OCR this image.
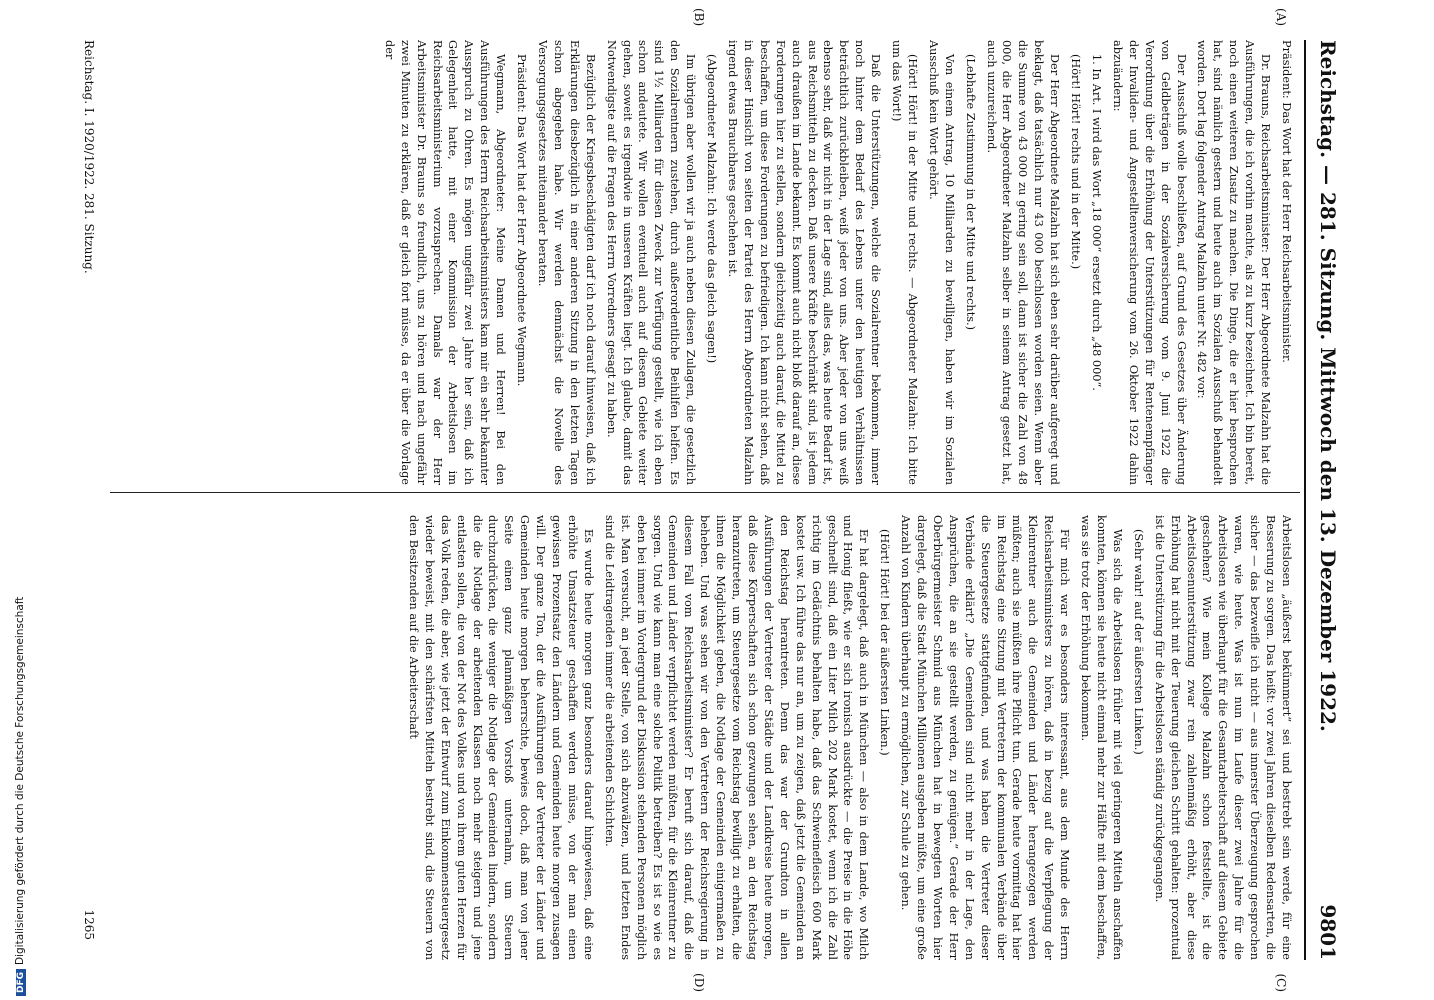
Reichstag. — 281. Sitzung. Mittwoch den 13. Dezember 1922.
9801
(A)
(B)
(C)
(D)

Präsident: Das Wort hat der Herr Reichsarbeitsminister.

Dr. Brauns, Reichsarbeitsminister: Der Herr Abgeordnete Malzahn hat die Ausführungen, die ich vorhin machte, als zu kurz bezeichnet. Ich bin bereit, noch einen weiteren Zusatz zu machen. Die Dinge, die er hier besprochen hat, sind nämlich gestern und heute auch im Sozialen Ausschuß behandelt worden. Dort lag folgender Antrag Malzahn unter Nr. 482 vor:

Der Ausschuß wolle beschließen, auf Grund des Gesetzes über Änderung von Geldbeträgen in der Sozialversicherung vom 9. Juni 1922 die Verordnung über die Erhöhung der Unterstützungen für Rentenempfänger der Invaliden- und Angestelltenversicherung vom 26. Oktober 1922 dahin abzuändern:

1. In Art. I wird das Wort „18 000“ ersetzt durch „48 000“.

(Hört! Hört! rechts und in der Mitte.)

Der Herr Abgeordnete Malzahn hat sich eben sehr darüber aufgeregt und beklagt, daß tatsächlich nur 43 000 beschlossen worden seien. Wenn aber die Summe von 43 000 zu gering sein soll, dann ist sicher die Zahl von 48 000, die Herr Abgeordneter Malzahn selber in seinem Antrag gesetzt hat, auch unzureichend.

(Lebhafte Zustimmung in der Mitte und rechts.)

Von einem Antrag, 10 Milliarden zu bewilligen, haben wir im Sozialen Ausschuß kein Wort gehört.

(Hört! Hört! in der Mitte und rechts. — Abgeordneter Malzahn: Ich bitte um das Wort!)

Daß die Unterstützungen, welche die Sozialrentner bekommen, immer noch hinter dem Bedarf des Lebens unter den heutigen Verhältnissen beträchtlich zurückbleiben, weiß jeder von uns. Aber jeder von uns weiß ebenso sehr, daß wir nicht in der Lage sind, alles das, was heute Bedarf ist, aus Reichsmitteln zu decken. Daß unsere Kräfte beschränkt sind, ist jedem auch draußen im Lande bekannt. Es kommt auch nicht bloß darauf an, diese Forderungen hier zu stellen, sondern gleichzeitig auch darauf, die Mittel zu beschaffen, um diese Forderungen zu befriedigen. Ich kann nicht sehen, daß in dieser Hinsicht von seiten der Partei des Herrn Abgeordneten Malzahn irgend etwas Brauchbares geschehen ist.

(Abgeordneter Malzahn: Ich werde das gleich sagen!)

Im übrigen aber wollen wir ja auch neben diesen Zulagen, die gesetzlich den Sozialrentnern zustehen, durch außerordentliche Beihilfen helfen. Es sind 1½ Milliarden für diesen Zweck zur Verfügung gestellt, wie ich eben schon andeutete. Wir wollen eventuell auch auf diesem Gebiete weiter gehen, soweit es irgendwie in unseren Kräften liegt. Ich glaube, damit das Notwendigste auf die Fragen des Herrn Vorredners gesagt zu haben.

Bezüglich der Kriegsbeschädigten darf ich noch darauf hinweisen, daß ich Erklärungen diesbezüglich in einer anderen Sitzung in den letzten Tagen schon abgegeben habe. Wir werden demnächst die Novelle des Versorgungsgesetzes miteinander beraten.

Präsident: Das Wort hat der Herr Abgeordnete Wegmann.

Wegmann, Abgeordneter: Meine Damen und Herren! Bei den Ausführungen des Herrn Reichsarbeitsministers kam mir ein sehr bekannter Ausspruch zu Ohren. Es mögen ungefähr zwei Jahre her sein, daß ich Gelegenheit hatte, mit einer Kommission der Arbeitslosen im Reichsarbeitsministerium vorzusprechen. Damals war der Herr Arbeitsminister Dr. Brauns so freundlich, uns zu hören und nach ungefähr zwei Minuten zu erklären, daß er gleich fort müsse, da er über die Vorlage der

Arbeitslosen „äußerst bekümmert“ sei und bestrebt sein werde, für eine Besserung zu sorgen. Das heißt: vor zwei Jahren dieselben Redensarten, die sicher — das bezweifle ich nicht — aus innerster Überzeugung gesprochen waren, wie heute. Was ist nun im Laufe dieser zwei Jahre für die Arbeitslosen wie überhaupt für die Gesamtarbeiterschaft auf diesem Gebiete geschehen? Wie mein Kollege Malzahn schon feststellte, ist die Arbeitslosenunterstützung zwar rein zahlenmäßig erhöht, aber diese Erhöhung hat nicht mit der Teuerung gleichen Schritt gehalten: prozentual ist die Unterstützung für die Arbeitslosen ständig zurückgegangen.

(Sehr wahr! auf der äußersten Linken.)

Was sich die Arbeitslosen früher mit viel geringeren Mitteln anschaffen konnten, können sie heute nicht einmal mehr zur Hälfte mit dem beschaffen, was sie trotz der Erhöhung bekommen.

Für mich war es besonders interessant, aus dem Munde des Herrn Reichsarbeitsministers zu hören, daß in bezug auf die Verpflegung der Kleinrentner auch die Gemeinden und Länder herangezogen werden müßten; auch sie müßten ihre Pflicht tun. Gerade heute vormittag hat hier im Reichstag eine Sitzung mit Vertretern der kommunalen Verbände über die Steuergesetze stattgefunden, und was haben die Vertreter dieser Verbände erklärt? „Die Gemeinden sind nicht mehr in der Lage, den Ansprüchen, die an sie gestellt werden, zu genügen.“ Gerade der Herr Oberbürgermeister Schmid aus München hat in bewegten Worten hier dargelegt, daß die Stadt München Millionen ausgeben müßte, um eine große Anzahl von Kindern überhaupt zu ermöglichen, zur Schule zu gehen.

(Hört! Hört! bei der äußersten Linken.)

Er hat dargelegt, daß auch in München — also in dem Lande, wo Milch und Honig fließt, wie er sich ironisch ausdrückte — die Preise in die Höhe geschnellt sind, daß ein Liter Milch 202 Mark kostet, wenn ich die Zahl richtig im Gedächtnis behalten habe, daß das Schweinefleisch 600 Mark kostet usw. Ich führe das nur an, um zu zeigen, daß jetzt die Gemeinden an den Reichstag herantreten. Denn das war der Grundton in allen Ausführungen der Vertreter der Städte und der Landkreise heute morgen, daß diese Körperschaften sich schon gezwungen sehen, an den Reichstag heranzutreten, um Steuergesetze vom Reichstag bewilligt zu erhalten, die ihnen die Möglichkeit geben, die Notlage der Gemeinden einigermaßen zu beheben. Und was sehen wir von den Vertretern der Reichsregierung in diesem Fall vom Reichsarbeitsminister? Er beruft sich darauf, daß die Gemeinden und Länder verpflichtet werden müßten, für die Kleinrentner zu sorgen. Und wie kann man eine solche Politik betreiben? Es ist so wie es eben bei immer im Vordergrund der Diskussion stehenden Personen möglich ist. Man versucht, an jeder Stelle, von sich abzuwälzen, und letzten Endes sind die Leidtragenden immer die arbeitenden Schichten.

Es wurde heute morgen ganz besonders darauf hingewiesen, daß eine erhöhte Umsatzsteuer geschaffen werden müsse, von der man einen gewissen Prozentsatz den Ländern und Gemeinden heute morgen zusagen will. Der ganze Ton, der die Ausführungen der Vertreter der Länder und Gemeinden heute morgen beherrschte, bewies doch, daß man von jener Seite einen ganz planmäßigen Vorstoß unternahm, um Steuern durchzudrücken, die weniger die Notlage der Gemeinden lindern, sondern die die Notlage der arbeitenden Klassen noch mehr steigern und jene entlasten sollen, die von der Not des Volkes und von ihrem guten Herzen für das Volk reden, die aber, wie jetzt der Entwurf zum Einkommensteuergesetz wieder beweist, mit den schärfsten Mitteln bestrebt sind, die Steuern von den Besitzenden auf die Arbeiterschaft

Reichstag. I. 1920/1922. 281. Sitzung.
1265
DFGDigitalisierung gefördert durch die Deutsche Forschungsgemeinschaft
